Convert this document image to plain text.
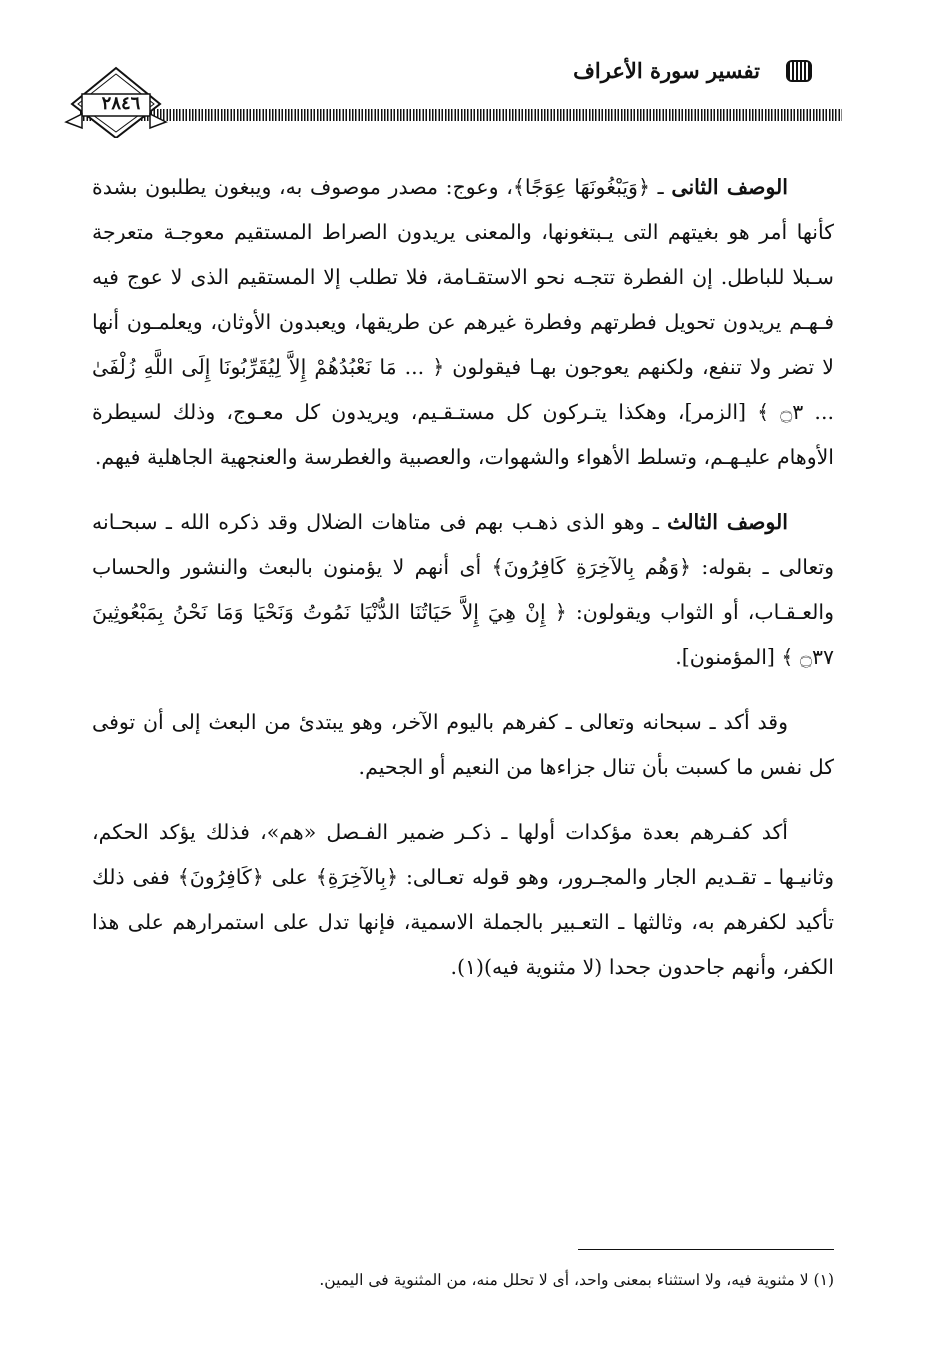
تفسير سورة الأعراف
٢٨٤٦

الوصف الثانى ـ ﴿وَيَبْغُونَهَا عِوَجًا﴾، وعوج: مصدر موصوف به، ويبغون يطلبون بشدة كأنها أمر هو بغيتهم التى يـبتغونها، والمعنى يريدون الصراط المستقيم معوجـة متعرجة سـبلا للباطل. إن الفطرة تتجـه نحو الاستقـامة، فلا تطلب إلا المستقيم الذى لا عوج فيه فـهـم يريدون تحويل فطرتهم وفطرة غيرهم عن طريقها، ويعبدون الأوثان، ويعلمـون أنها لا تضر ولا تنفع، ولكنهم يعوجون بهـا فيقولون ﴿ ... مَا نَعْبُدُهُمْ إِلاَّ لِيُقَرِّبُونَا إِلَى اللَّهِ زُلْفَىٰ ... ۝٣ ﴾ [الزمر]، وهكذا يتـركون كل مستـقـيم، ويريدون كل معـوج، وذلك لسيطرة الأوهام عليـهـم، وتسلط الأهواء والشهوات، والعصبية والغطرسة والعنجهية الجاهلية فيهم.

الوصف الثالث ـ وهو الذى ذهـب بهم فى متاهات الضلال وقد ذكره الله ـ سبحـانه وتعالى ـ بقوله: ﴿وَهُم بِالآخِرَةِ كَافِرُونَ﴾ أى أنهم لا يؤمنون بالبعث والنشور والحساب والعـقـاب، أو الثواب ويقولون: ﴿ إِنْ هِيَ إِلاَّ حَيَاتُنَا الدُّنْيَا نَمُوتُ وَنَحْيَا وَمَا نَحْنُ بِمَبْعُوثِينَ ۝٣٧ ﴾ [المؤمنون].

وقد أكد ـ سبحانه وتعالى ـ كفرهم باليوم الآخر، وهو يبتدئ من البعث إلى أن توفى كل نفس ما كسبت بأن تنال جزاءها من النعيم أو الجحيم.

أكد كفـرهم بعدة مؤكدات أولها ـ ذكـر ضمير الفـصل «هم»، فذلك يؤكد الحكم، وثانيـها ـ تقـديم الجار والمجـرور، وهو قوله تعـالى: ﴿بِالآخِرَةِ﴾ على ﴿كَافِرُونَ﴾ ففى ذلك تأكيد لكفرهم به، وثالثها ـ التعـبير بالجملة الاسمية، فإنها تدل على استمرارهم على هذا الكفر، وأنهم جاحدون جحدا (لا مثنوية فيه)(١).

(١) لا مثنوية فيه، ولا استثناء بمعنى واحد، أى لا تحلل منه، من المثنوية فى اليمين.
